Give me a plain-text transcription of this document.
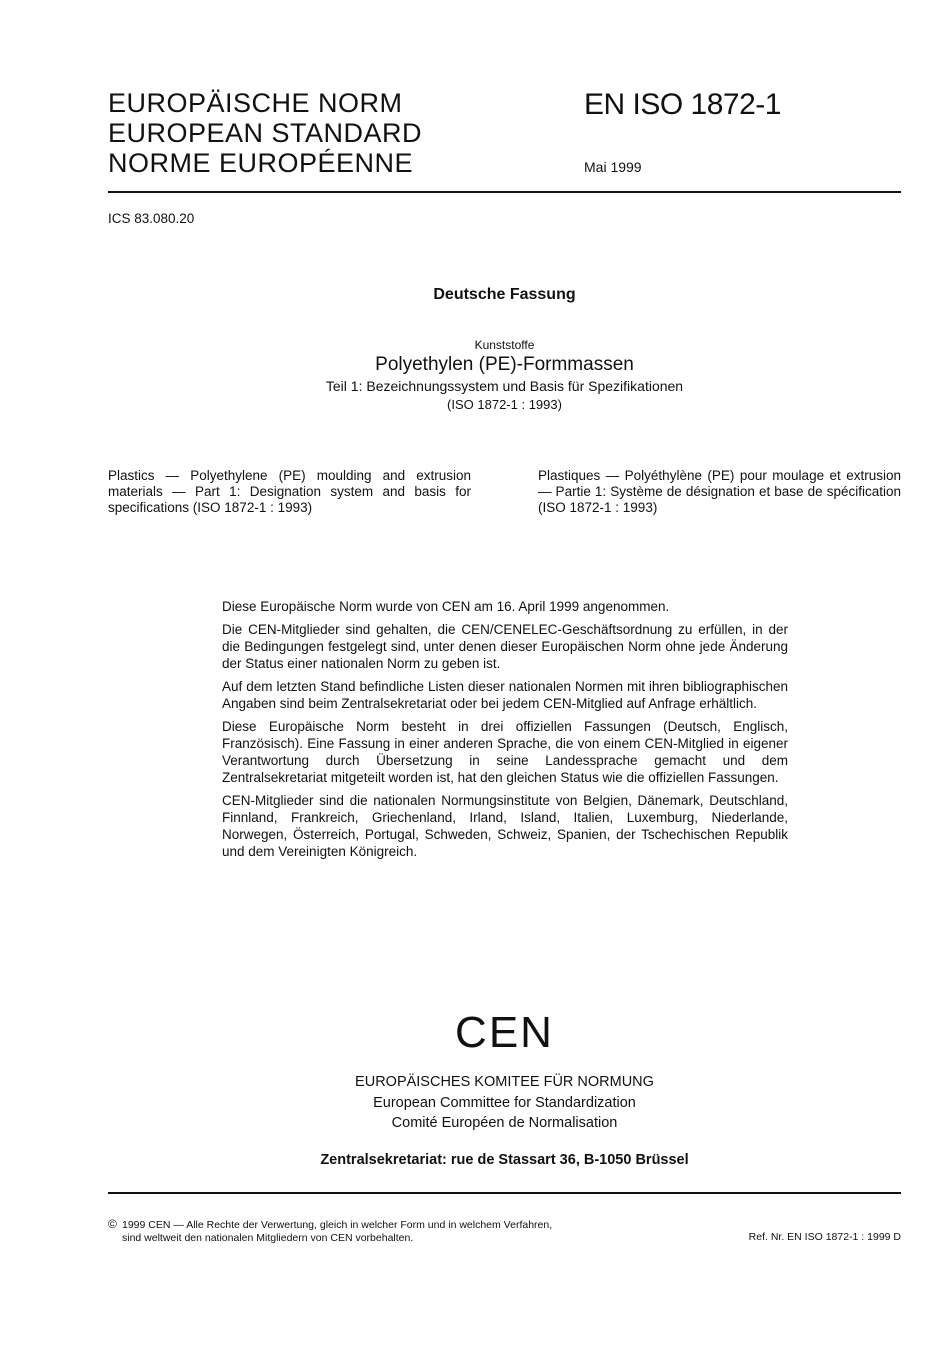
EUROPÄISCHE NORM
EUROPEAN STANDARD
NORME EUROPÉENNE
EN ISO 1872-1
Mai 1999
ICS 83.080.20
Deutsche Fassung
Kunststoffe
Polyethylen (PE)-Formmassen
Teil 1: Bezeichnungssystem und Basis für Spezifikationen
(ISO 1872-1 : 1993)
Plastics — Polyethylene (PE) moulding and extrusion materials — Part 1: Designation system and basis for specifications (ISO 1872-1 : 1993)
Plastiques — Polyéthylène (PE) pour moulage et extrusion — Partie 1: Système de désignation et base de spécification (ISO 1872-1 : 1993)

Diese Europäische Norm wurde von CEN am 16. April 1999 angenommen.

Die CEN-Mitglieder sind gehalten, die CEN/CENELEC-Geschäftsordnung zu erfüllen, in der die Bedingungen festgelegt sind, unter denen dieser Europäischen Norm ohne jede Änderung der Status einer nationalen Norm zu geben ist.

Auf dem letzten Stand befindliche Listen dieser nationalen Normen mit ihren bibliographischen Angaben sind beim Zentralsekretariat oder bei jedem CEN-Mitglied auf Anfrage erhältlich.

Diese Europäische Norm besteht in drei offiziellen Fassungen (Deutsch, Englisch, Französisch). Eine Fassung in einer anderen Sprache, die von einem CEN-Mitglied in eigener Verantwortung durch Übersetzung in seine Landessprache gemacht und dem Zentralsekretariat mitgeteilt worden ist, hat den gleichen Status wie die offiziellen Fassungen.

CEN-Mitglieder sind die nationalen Normungsinstitute von Belgien, Dänemark, Deutschland, Finnland, Frankreich, Griechenland, Irland, Island, Italien, Luxemburg, Niederlande, Norwegen, Österreich, Portugal, Schweden, Schweiz, Spanien, der Tschechischen Republik und dem Vereinigten Königreich.

CEN
EUROPÄISCHES KOMITEE FÜR NORMUNG
European Committee for Standardization
Comité Européen de Normalisation
Zentralsekretariat: rue de Stassart 36, B-1050 Brüssel
© 1999 CEN — Alle Rechte der Verwertung, gleich in welcher Form und in welchem Verfahren,
sind weltweit den nationalen Mitgliedern von CEN vorbehalten.	Ref. Nr. EN ISO 1872-1 : 1999 D
